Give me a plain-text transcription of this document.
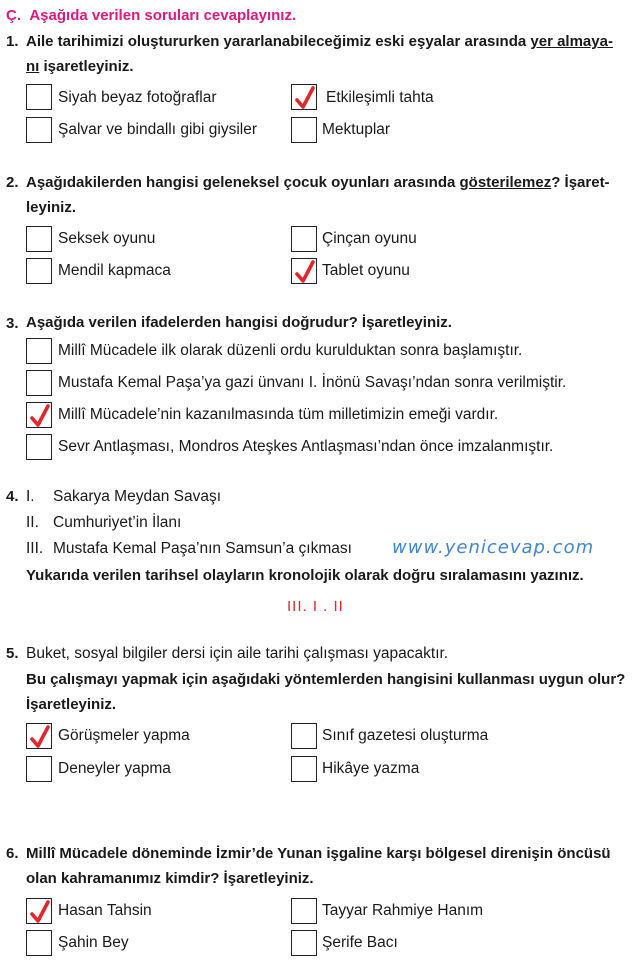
Ç. Aşağıda verilen soruları cevaplayınız.
1. Aile tarihimizi oluştururken yararlanabileceğimiz eski eşyalar arasında yer almaya-
nı işaretleyiniz.
Siyah beyaz fotoğraflar	Etkileşimli tahta
Şalvar ve bindallı gibi giysiler	Mektuplar
2. Aşağıdakilerden hangisi geleneksel çocuk oyunları arasında gösterilemez? İşaret-
leyiniz.
Seksek oyunu	Çinçan oyunu
Mendil kapmaca	Tablet oyunu
3. Aşağıda verilen ifadelerden hangisi doğrudur? İşaretleyiniz.
Millî Mücadele ilk olarak düzenli ordu kurulduktan sonra başlamıştır.
Mustafa Kemal Paşa’ya gazi ünvanı I. İnönü Savaşı’ndan sonra verilmiştir.
Millî Mücadele’nin kazanılmasında tüm milletimizin emeği vardır.
Sevr Antlaşması, Mondros Ateşkes Antlaşması’ndan önce imzalanmıştır.
4. I. Sakarya Meydan Savaşı
II. Cumhuriyet’in İlanı
III. Mustafa Kemal Paşa’nın Samsun’a çıkması www.yenicevap.com
Yukarıda verilen tarihsel olayların kronolojik olarak doğru sıralamasını yazınız.
III. I . II
5. Buket, sosyal bilgiler dersi için aile tarihi çalışması yapacaktır.
Bu çalışmayı yapmak için aşağıdaki yöntemlerden hangisini kullanması uygun olur?
İşaretleyiniz.
Görüşmeler yapma	Sınıf gazetesi oluşturma
Deneyler yapma	Hikâye yazma
6. Millî Mücadele döneminde İzmir’de Yunan işgaline karşı bölgesel direnişin öncüsü
olan kahramanımız kimdir? İşaretleyiniz.
Hasan Tahsin	Tayyar Rahmiye Hanım
Şahin Bey	Şerife Bacı
